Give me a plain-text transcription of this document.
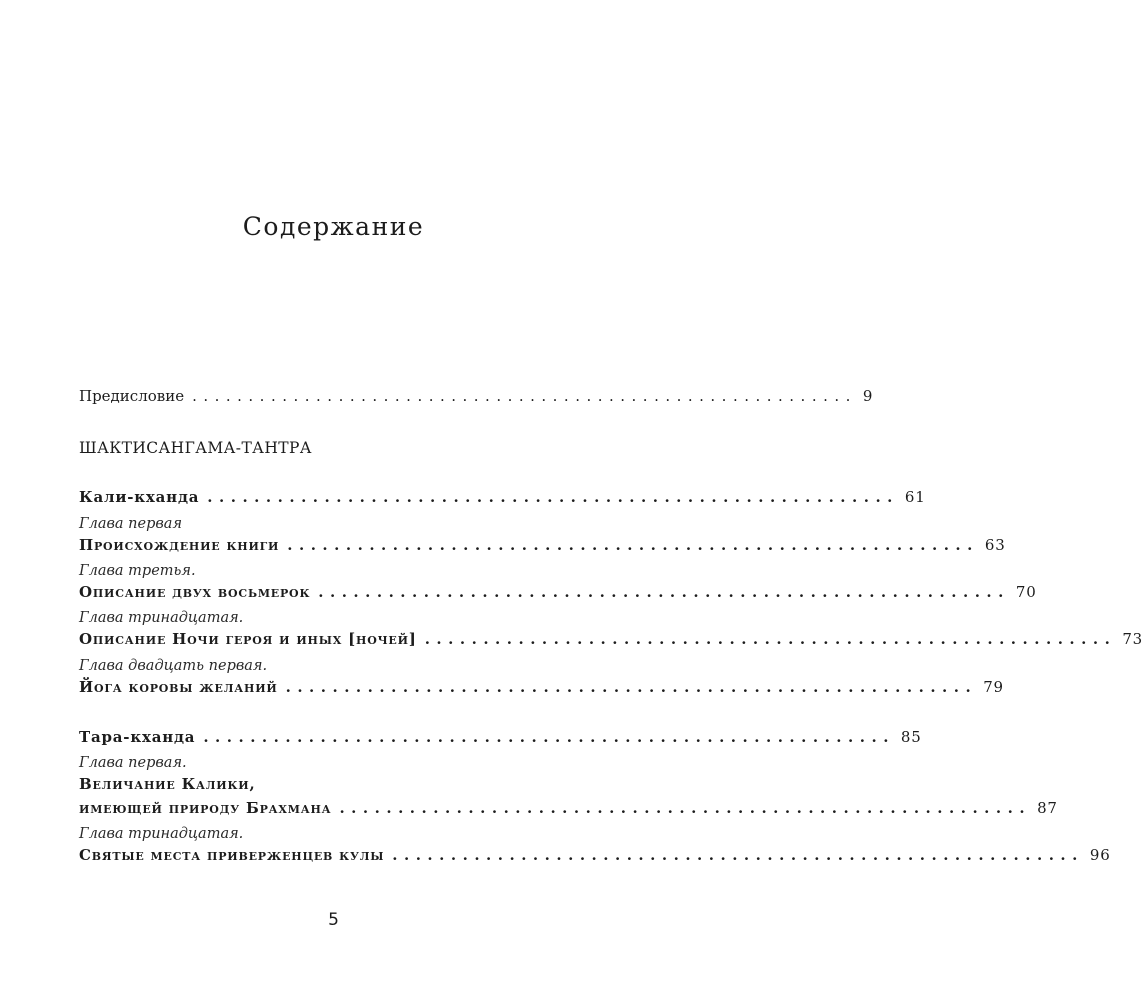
Содержание
Предисловие ........................................................... 9
ШАКТИСАНГАМА-ТАНТРА
Кали-кханда ........................................................... 61
Глава первая
Происхождение книги ........................................................... 63
Глава третья.
Описание двух восьмерок ........................................................... 70
Глава тринадцатая.
Описание Ночи героя и иных [ночей] ........................................................... 73
Глава двадцать первая.
Йога коровы желаний ........................................................... 79
Тара-кханда ........................................................... 85
Глава первая.
Величание Калики,
имеющей природу Брахмана ........................................................... 87
Глава тринадцатая.
Святые места приверженцев кулы ........................................................... 96
5
